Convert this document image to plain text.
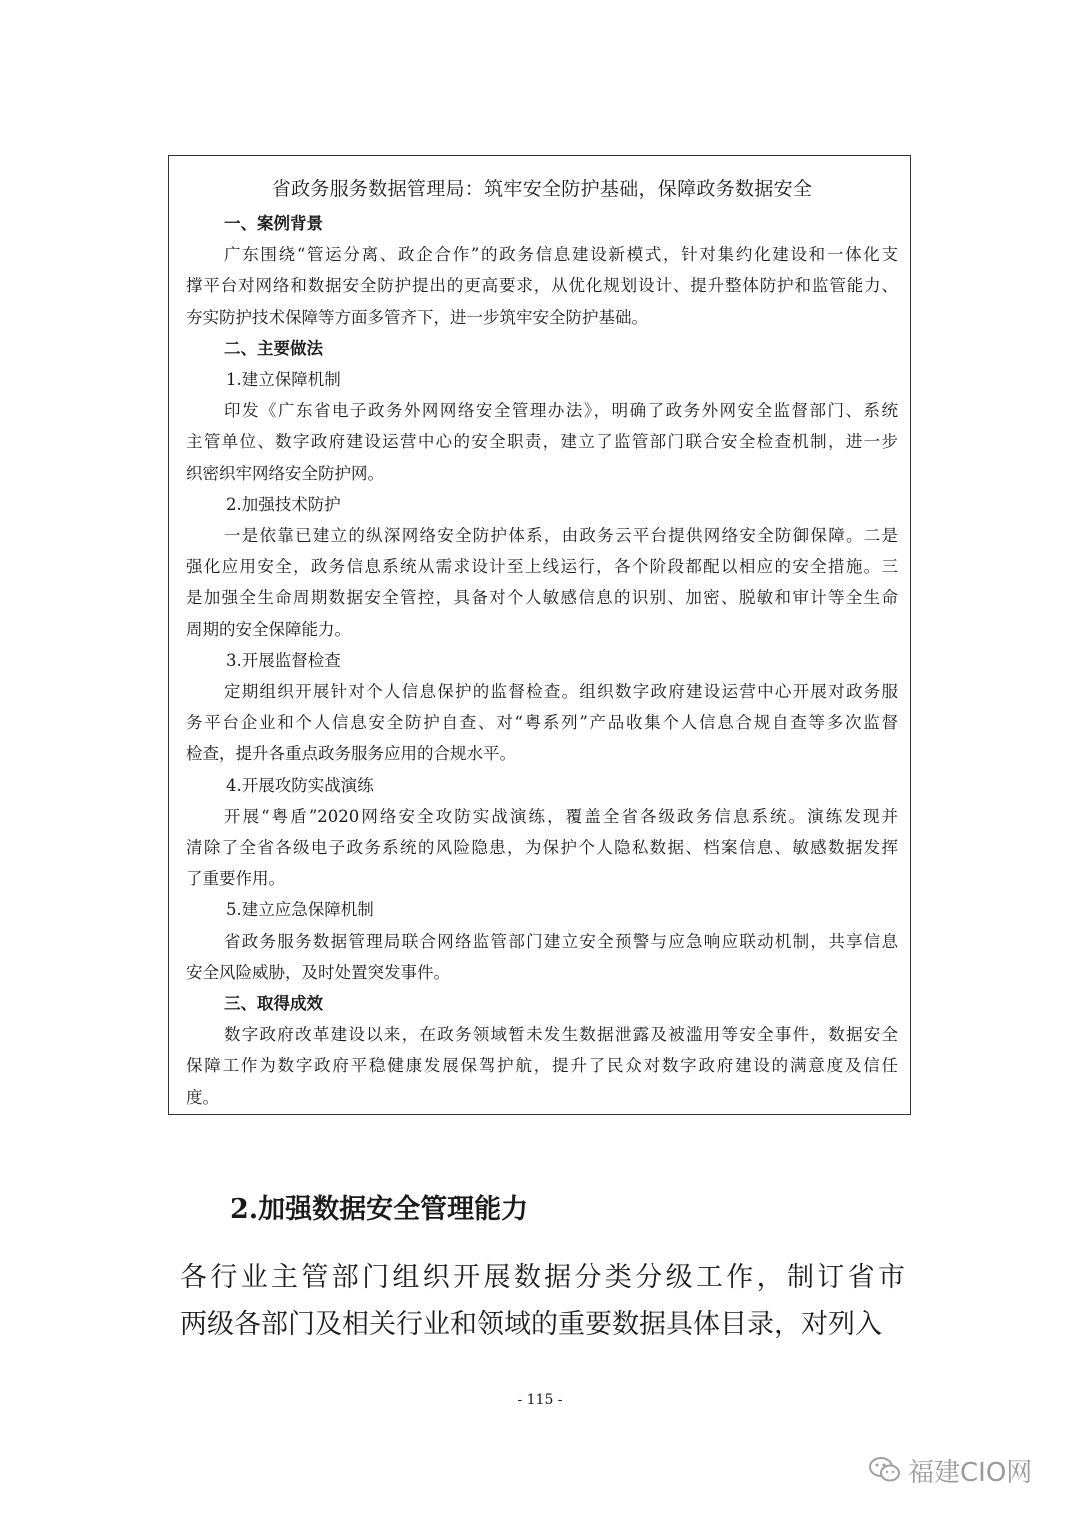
省政务服务数据管理局：筑牢安全防护基础，保障政务数据安全
一、案例背景
广东围绕“管运分离、政企合作”的政务信息建设新模式，针对集约化建设和一体化支
撑平台对网络和数据安全防护提出的更高要求，从优化规划设计、提升整体防护和监管能力、
夯实防护技术保障等方面多管齐下，进一步筑牢安全防护基础。
二、主要做法
1.建立保障机制
印发《广东省电子政务外网网络安全管理办法》，明确了政务外网安全监督部门、系统
主管单位、数字政府建设运营中心的安全职责，建立了监管部门联合安全检查机制，进一步
织密织牢网络安全防护网。
2.加强技术防护
一是依靠已建立的纵深网络安全防护体系，由政务云平台提供网络安全防御保障。二是
强化应用安全，政务信息系统从需求设计至上线运行，各个阶段都配以相应的安全措施。三
是加强全生命周期数据安全管控，具备对个人敏感信息的识别、加密、脱敏和审计等全生命
周期的安全保障能力。
3.开展监督检查
定期组织开展针对个人信息保护的监督检查。组织数字政府建设运营中心开展对政务服
务平台企业和个人信息安全防护自查、对“粤系列”产品收集个人信息合规自查等多次监督
检查，提升各重点政务服务应用的合规水平。
4.开展攻防实战演练
开展“粤盾”2020网络安全攻防实战演练，覆盖全省各级政务信息系统。演练发现并
清除了全省各级电子政务系统的风险隐患，为保护个人隐私数据、档案信息、敏感数据发挥
了重要作用。
5.建立应急保障机制
省政务服务数据管理局联合网络监管部门建立安全预警与应急响应联动机制，共享信息
安全风险威胁，及时处置突发事件。
三、取得成效
数字政府改革建设以来，在政务领域暂未发生数据泄露及被滥用等安全事件，数据安全
保障工作为数字政府平稳健康发展保驾护航，提升了民众对数字政府建设的满意度及信任
度。
2.加强数据安全管理能力
各行业主管部门组织开展数据分类分级工作，制订省市
两级各部门及相关行业和领域的重要数据具体目录，对列入
- 115 -
福建CIO网
